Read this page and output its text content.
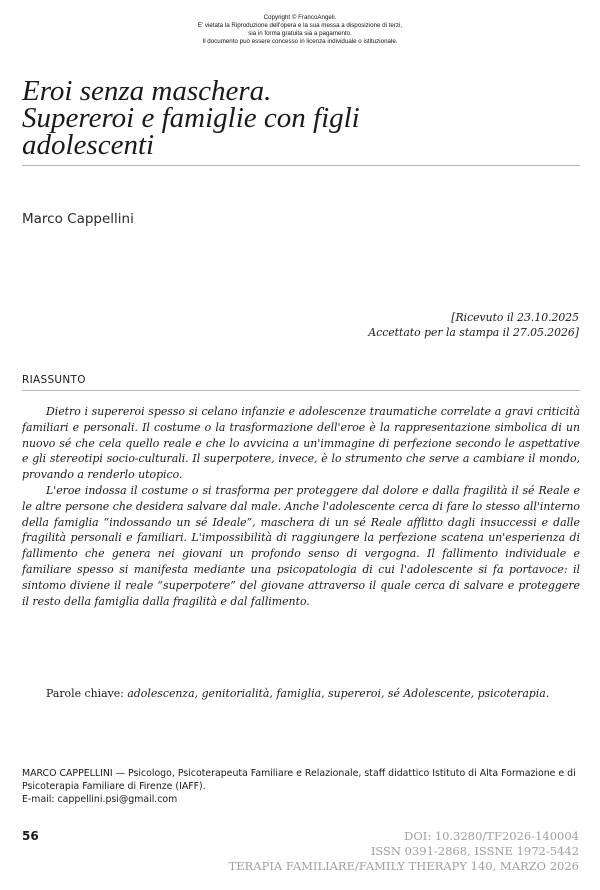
Copyright © FrancoAngeli.
E' vietata la Riproduzione dell'opera e la sua messa a disposizione di terzi,
sia in forma gratuita sia a pagamento.
Il documento può essere concesso in licenza individuale o istituzionale.
Eroi senza maschera.
Supereroi e famiglie con figli
adolescenti
Marco Cappellini
[Ricevuto il 23.10.2025
Accettato per la stampa il 27.05.2026]
RIASSUNTO

Dietro i supereroi spesso si celano infanzie e adolescenze traumatiche correlate a gravi criticità familiari e personali. Il costume o la trasformazione dell'eroe è la rappresentazione simbolica di un nuovo sé che cela quello reale e che lo avvicina a un'immagine di perfezione secondo le aspettative e gli stereotipi socio-culturali. Il superpotere, invece, è lo strumento che serve a cambiare il mondo, provando a renderlo utopico.

L'eroe indossa il costume o si trasforma per proteggere dal dolore e dalla fragilità il sé Reale e le altre persone che desidera salvare dal male. Anche l'adolescente cerca di fare lo stesso all'interno della famiglia “indossando un sé Ideale”, maschera di un sé Reale afflitto dagli insuccessi e dalle fragilità personali e familiari. L'impossibilità di raggiungere la perfezione scatena un'esperienza di fallimento che genera nei giovani un profondo senso di vergogna. Il fallimento individuale e familiare spesso si manifesta mediante una psicopatologia di cui l'adolescente si fa portavoce: il sintomo diviene il reale “superpotere” del giovane attraverso il quale cerca di salvare e proteggere il resto della famiglia dalla fragilità e dal fallimento.

Parole chiave: adolescenza, genitorialità, famiglia, supereroi, sé Adolescente, psicoterapia.
MARCO CAPPELLINI — Psicologo, Psicoterapeuta Familiare e Relazionale, staff didattico Istituto di Alta Formazione e di Psicoterapia Familiare di Firenze (IAFF).
E-mail: cappellini.psi@gmail.com
56	DOI: 10.3280/TF2026-140004
ISSN 0391-2868, ISSNE 1972-5442
TERAPIA FAMILIARE/FAMILY THERAPY 140, MARZO 2026
